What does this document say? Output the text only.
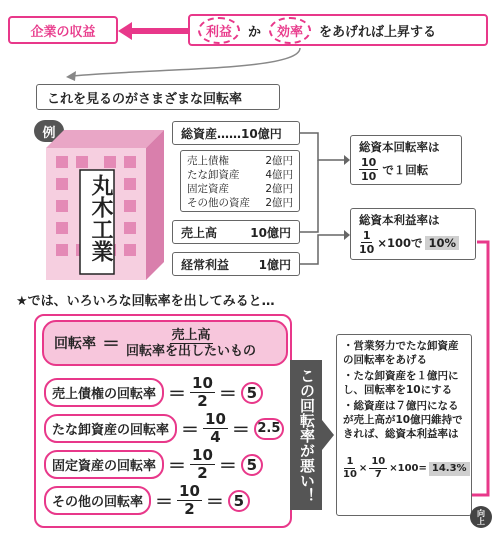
企業の収益	利益	か	効率	をあげれば上昇する
これを見るのがさまざまな回転率
例
丸木工業
総資産……10億円
売上債権	2億円
たな卸資産 4億円
固定資産	2億円
その他の資産 2億円
売上高	10億円
経常利益 1億円
総資本回転率は
$\frac{10}{10}$ で１回転
総資本利益率は
$\frac{1}{10} \times 100$で 10%
★では、いろいろな回転率を出してみると…
回転率 ＝ $\frac{\text{売上高}}{\text{回転率を出したいもの}}$
売上債権の回転率 ＝ $\frac{10}{2} = 5$
たな卸資産の回転率 ＝ $\frac{10}{4} = 2.5$
固定資産の回転率 ＝ $\frac{10}{2} = 5$
その他の回転率 ＝ $\frac{10}{2} = 5$	この回転率が悪い！
・営業努力でたな卸資産の回転率をあげる
・たな卸資産を１億円にし、回転率を10にする
・総資産は７億円になるが売上高が10億円維持できれば、総資本利益率は
$\frac{1}{10} \times \frac{10}{7} \times 100= 14.3\%$
向上
